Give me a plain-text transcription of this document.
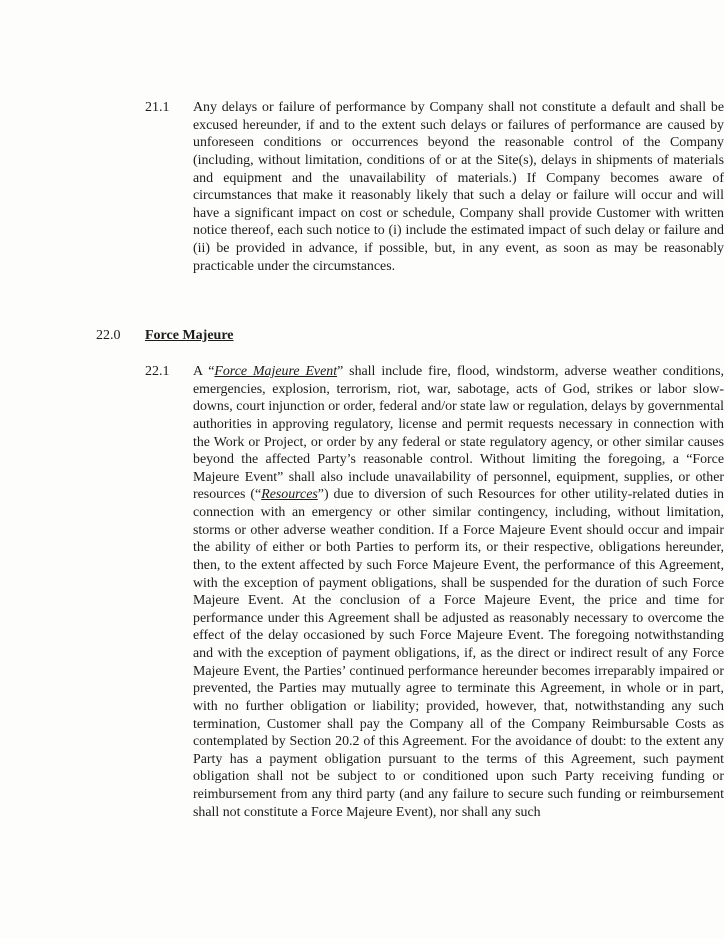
21.1 Any delays or failure of performance by Company shall not constitute a default and shall be excused hereunder, if and to the extent such delays or failures of performance are caused by unforeseen conditions or occurrences beyond the reasonable control of the Company (including, without limitation, conditions of or at the Site(s), delays in shipments of materials and equipment and the unavailability of materials.) If Company becomes aware of circumstances that make it reasonably likely that such a delay or failure will occur and will have a significant impact on cost or schedule, Company shall provide Customer with written notice thereof, each such notice to (i) include the estimated impact of such delay or failure and (ii) be provided in advance, if possible, but, in any event, as soon as may be reasonably practicable under the circumstances.

22.0 Force Majeure
22.1 A “Force Majeure Event” shall include fire, flood, windstorm, adverse weather conditions, emergencies, explosion, terrorism, riot, war, sabotage, acts of God, strikes or labor slow-downs, court injunction or order, federal and/or state law or regulation, delays by governmental authorities in approving regulatory, license and permit requests necessary in connection with the Work or Project, or order by any federal or state regulatory agency, or other similar causes beyond the affected Party’s reasonable control. Without limiting the foregoing, a “Force Majeure Event” shall also include unavailability of personnel, equipment, supplies, or other resources (“Resources”) due to diversion of such Resources for other utility-related duties in connection with an emergency or other similar contingency, including, without limitation, storms or other adverse weather condition. If a Force Majeure Event should occur and impair the ability of either or both Parties to perform its, or their respective, obligations hereunder, then, to the extent affected by such Force Majeure Event, the performance of this Agreement, with the exception of payment obligations, shall be suspended for the duration of such Force Majeure Event. At the conclusion of a Force Majeure Event, the price and time for performance under this Agreement shall be adjusted as reasonably necessary to overcome the effect of the delay occasioned by such Force Majeure Event. The foregoing notwithstanding and with the exception of payment obligations, if, as the direct or indirect result of any Force Majeure Event, the Parties’ continued performance hereunder becomes irreparably impaired or prevented, the Parties may mutually agree to terminate this Agreement, in whole or in part, with no further obligation or liability; provided, however, that, notwithstanding any such termination, Customer shall pay the Company all of the Company Reimbursable Costs as contemplated by Section 20.2 of this Agreement. For the avoidance of doubt: to the extent any Party has a payment obligation pursuant to the terms of this Agreement, such payment obligation shall not be subject to or conditioned upon such Party receiving funding or reimbursement from any third party (and any failure to secure such funding or reimbursement shall not constitute a Force Majeure Event), nor shall any such
